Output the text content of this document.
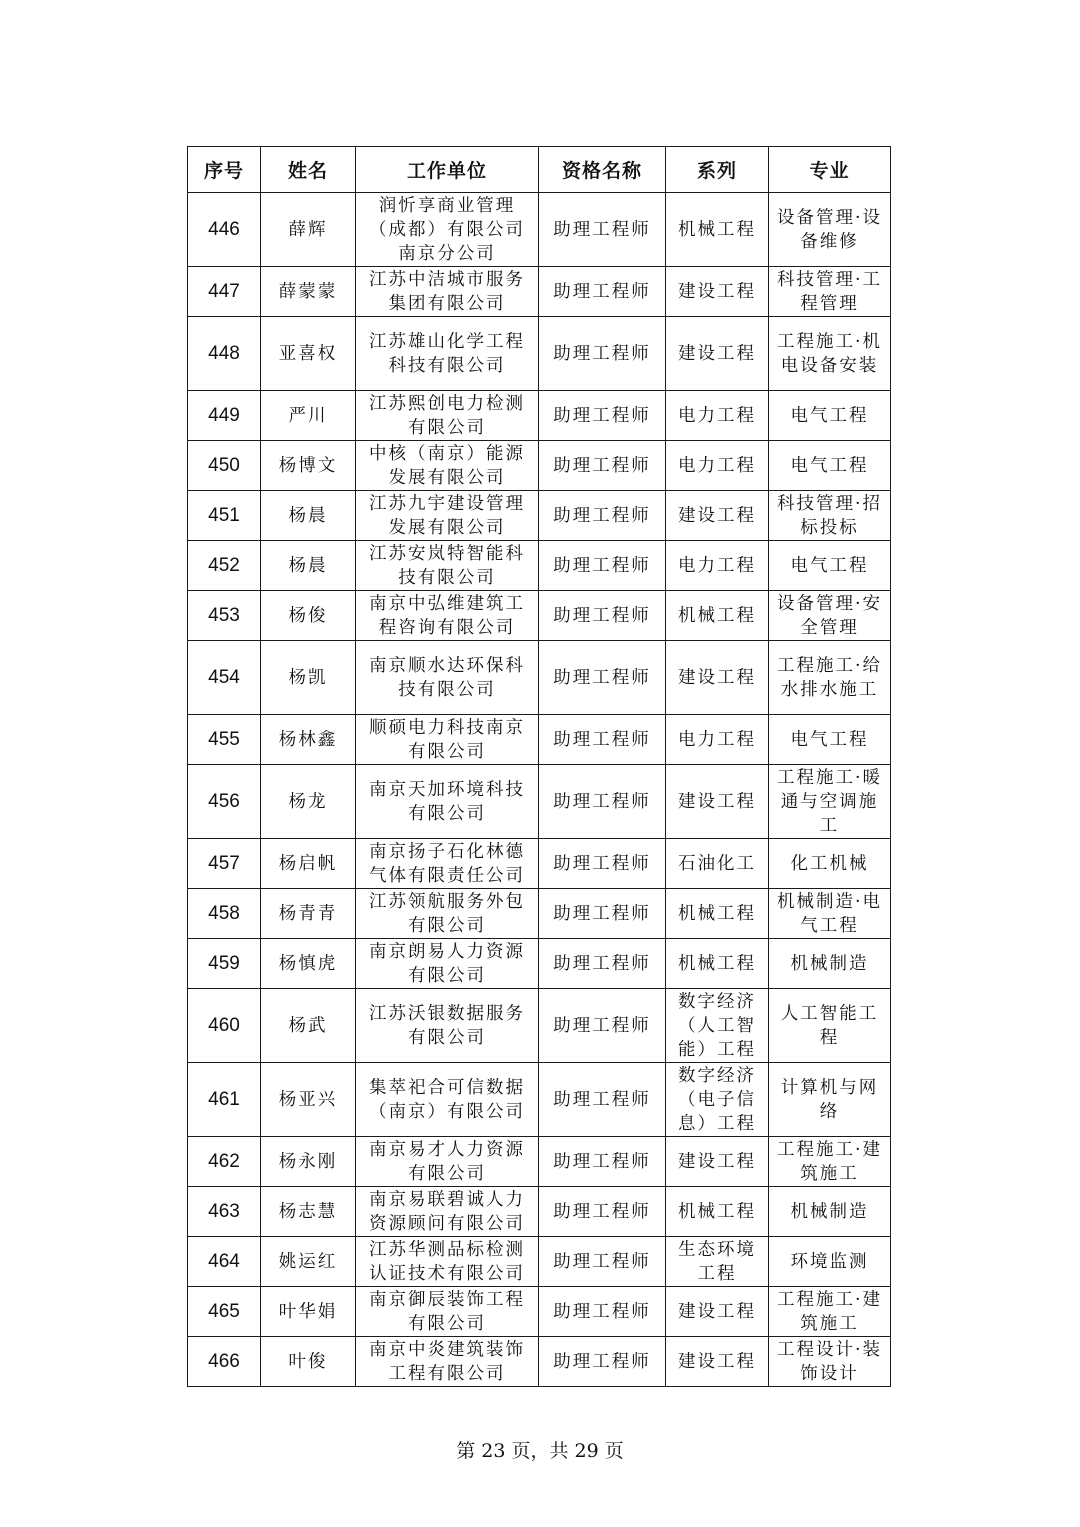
序号	姓名	工作单位	资格名称	系列	专业
446	薛辉	润忻享商业管理（成都）有限公司南京分公司	助理工程师	机械工程	设备管理·设备维修
447	薛蒙蒙	江苏中洁城市服务集团有限公司	助理工程师	建设工程	科技管理·工程管理
448	亚喜权	江苏雄山化学工程科技有限公司	助理工程师	建设工程	工程施工·机电设备安装
449	严川	江苏熙创电力检测有限公司	助理工程师	电力工程	电气工程
450	杨博文	中核（南京）能源发展有限公司	助理工程师	电力工程	电气工程
451	杨晨	江苏九宇建设管理发展有限公司	助理工程师	建设工程	科技管理·招标投标
452	杨晨	江苏安岚特智能科技有限公司	助理工程师	电力工程	电气工程
453	杨俊	南京中弘维建筑工程咨询有限公司	助理工程师	机械工程	设备管理·安全管理
454	杨凯	南京顺水达环保科技有限公司	助理工程师	建设工程	工程施工·给水排水施工
455	杨林鑫	顺硕电力科技南京有限公司	助理工程师	电力工程	电气工程
456	杨龙	南京天加环境科技有限公司	助理工程师	建设工程	工程施工·暖通与空调施工
457	杨启帆	南京扬子石化林德气体有限责任公司	助理工程师	石油化工	化工机械
458	杨青青	江苏领航服务外包有限公司	助理工程师	机械工程	机械制造·电气工程
459	杨慎虎	南京朗易人力资源有限公司	助理工程师	机械工程	机械制造
460	杨武	江苏沃银数据服务有限公司	助理工程师	数字经济（人工智能）工程	人工智能工程
461	杨亚兴	集萃祀合可信数据（南京）有限公司	助理工程师	数字经济（电子信息）工程	计算机与网络
462	杨永刚	南京易才人力资源有限公司	助理工程师	建设工程	工程施工·建筑施工
463	杨志慧	南京易联碧诚人力资源顾问有限公司	助理工程师	机械工程	机械制造
464	姚运红	江苏华测品标检测认证技术有限公司	助理工程师	生态环境工程	环境监测
465	叶华娟	南京御辰装饰工程有限公司	助理工程师	建设工程	工程施工·建筑施工
466	叶俊	南京中炎建筑装饰工程有限公司	助理工程师	建设工程	工程设计·装饰设计
第 23 页，共 29 页
